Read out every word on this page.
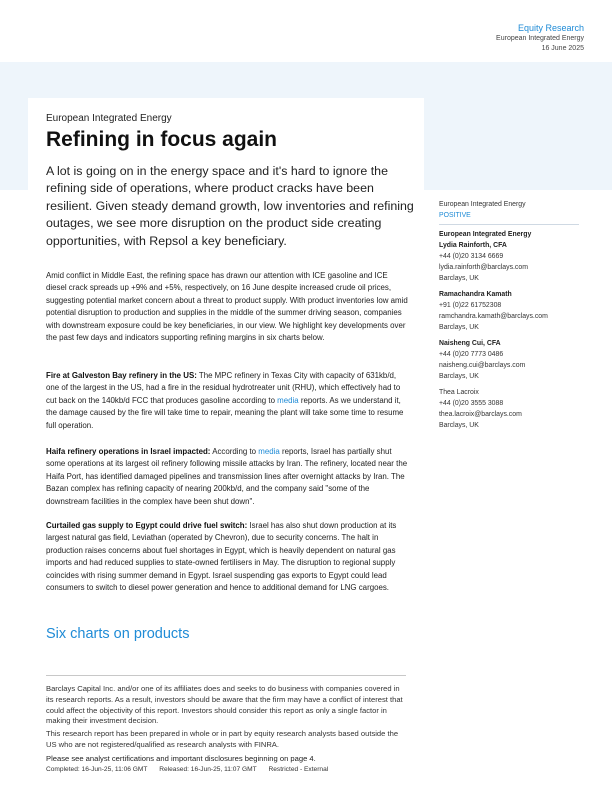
Equity Research
European Integrated Energy
16 June 2025
European Integrated Energy
Refining in focus again

A lot is going on in the energy space and it's hard to ignore the refining side of operations, where product cracks have been resilient. Given steady demand growth, low inventories and refining outages, we see more disruption on the product side creating opportunities, with Repsol a key beneficiary.

Amid conflict in Middle East, the refining space has drawn our attention with ICE gasoline and ICE diesel crack spreads up +9% and +5%, respectively, on 16 June despite increased crude oil prices, suggesting potential market concern about a threat to product supply. With product inventories low amid potential disruption to production and supplies in the middle of the summer driving season, companies with downstream exposure could be key beneficiaries, in our view. We highlight key developments over the past few days and indicators supporting refining margins in six charts below.

Fire at Galveston Bay refinery in the US: The MPC refinery in Texas City with capacity of 631kb/d, one of the largest in the US, had a fire in the residual hydrotreater unit (RHU), which effectively had to cut back on the 140kb/d FCC that produces gasoline according to media reports. As we understand it, the damage caused by the fire will take time to repair, meaning the plant will take some time to resume full operation.

Haifa refinery operations in Israel impacted: According to media reports, Israel has partially shut some operations at its largest oil refinery following missile attacks by Iran. The refinery, located near the Haifa Port, has identified damaged pipelines and transmission lines after overnight attacks by Iran. The Bazan complex has refining capacity of nearing 200kb/d, and the company said "some of the downstream facilities in the complex have been shut down".

Curtailed gas supply to Egypt could drive fuel switch: Israel has also shut down production at its largest natural gas field, Leviathan (operated by Chevron), due to security concerns. The halt in production raises concerns about fuel shortages in Egypt, which is heavily dependent on natural gas imports and had reduced supplies to state-owned fertilisers in May. The disruption to regional supply coincides with rising summer demand in Egypt. Israel suspending gas exports to Egypt could lead consumers to switch to diesel power generation and hence to additional demand for LNG cargoes.

Six charts on products

Barclays Capital Inc. and/or one of its affiliates does and seeks to do business with companies covered in its research reports. As a result, investors should be aware that the firm may have a conflict of interest that could affect the objectivity of this report. Investors should consider this report as only a single factor in making their investment decision.

This research report has been prepared in whole or in part by equity research analysts based outside the US who are not registered/qualified as research analysts with FINRA.

Please see analyst certifications and important disclosures beginning on page 4.

Completed: 16-Jun-25, 11:06 GMT Released: 16-Jun-25, 11:07 GMT Restricted - External
European Integrated Energy
POSITIVE
European Integrated Energy
Lydia Rainforth, CFA
+44 (0)20 3134 6669
lydia.rainforth@barclays.com
Barclays, UK
Ramachandra Kamath
+91 (0)22 61752308
ramchandra.kamath@barclays.com
Barclays, UK
Naisheng Cui, CFA
+44 (0)20 7773 0486
naisheng.cui@barclays.com
Barclays, UK
Thea Lacroix
+44 (0)20 3555 3088
thea.lacroix@barclays.com
Barclays, UK
